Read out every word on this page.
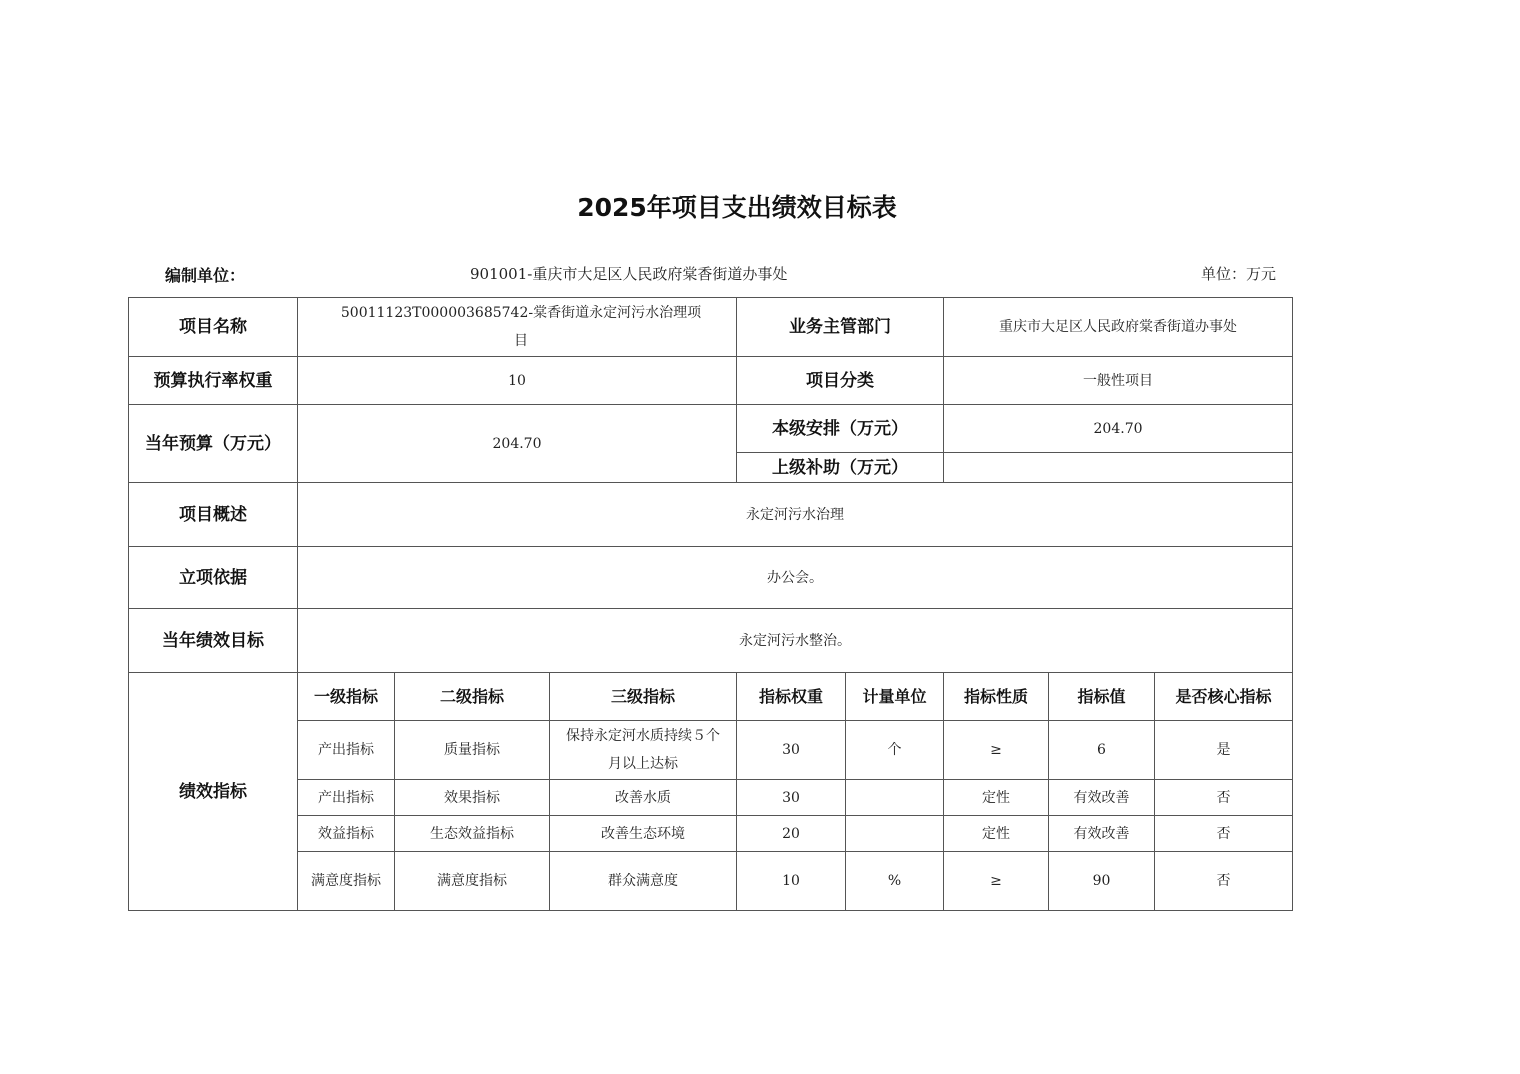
2025年项目支出绩效目标表
编制单位：	901001-重庆市大足区人民政府棠香街道办事处	单位：万元
项目名称	50011123T000003685742-棠香街道永定河污水治理项目			业务主管部门		重庆市大足区人民政府棠香街道办事处		
预算执行率权重	10			项目分类		一般性项目		
当年预算（万元）	204.70			本级安排（万元）		204.70		
				上级补助（万元）				
项目概述	永定河污水治理							
立项依据	办公会。							
当年绩效目标	永定河污水整治。							
绩效指标	一级指标	二级指标	三级指标	指标权重	计量单位	指标性质	指标值	是否核心指标
	产出指标	质量指标	保持永定河水质持续５个月以上达标	30	个	≥	6	是
	产出指标	效果指标	改善水质	30		定性	有效改善	否
	效益指标	生态效益指标	改善生态环境	20		定性	有效改善	否
	满意度指标	满意度指标	群众满意度	10	%	≥	90	否
